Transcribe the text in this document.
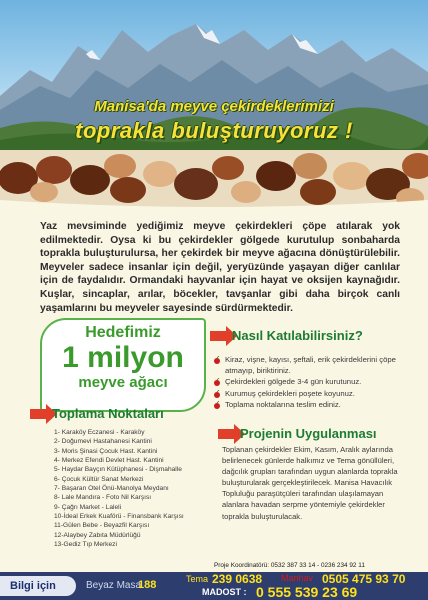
Manisa'da meyve çekirdeklerimizi
toprakla buluşturuyoruz !

Yaz mevsiminde yediğimiz meyve çekirdekleri çöpe atılarak yok edilmektedir. Oysa ki bu çekirdekler gölgede kurutulup sonbaharda toprakla buluşturulursa, her çekirdek bir meyve ağacına dönüştürülebilir. Meyveler sadece insanlar için değil, yeryüzünde yaşayan diğer canlılar için de faydalıdır. Ormandaki hayvanlar için hayat ve oksijen kaynağıdır. Kuşlar, sincaplar, arılar, böcekler, tavşanlar gibi daha birçok canlı yaşamlarını bu meyveler sayesinde sürdürmektedir.

Hedefimiz
1 milyon
meyve ağacı
Toplama Noktaları
1- Karaköy Eczanesi - Karaköy
2- Doğumevi Hastahanesi Kantini
3- Moris Şinasi Çocuk Hast. Kantini
4- Merkez Efendi Devlet Hast. Kantini
5- Haydar Bayçın Kütüphanesi - Dişmahalle
6- Çocuk Kültür Sanat Merkezi
7- Başaran Otel Önü-Manolya Meydanı
8- Lale Mandıra - Foto Nil Karşısı
9- Çağrı Market - Laleli
10-İdeal Erkek Kuaförü - Finansbank Karşısı
11-Gülen Bebe - Beyazfil Karşısı
12-Alaybey Zabıta Müdürlüğü
13-Gediz Tıp Merkezi
Nasıl Katılabilirsiniz?
Kiraz, vişne, kayısı, şeftali, erik çekirdeklerini çöpe atmayıp, biriktiriniz.
Çekirdekleri gölgede 3-4 gün kurutunuz.
Kurumuş çekirdekleri poşete koyunuz.
Toplama noktalarına teslim ediniz.
Projenin Uygulanması

Toplanan çekirdekler Ekim, Kasım, Aralık aylarında belirlenecek günlerde halkımız ve Tema gönüllüleri, dağcılık grupları tarafından uygun alanlarda toprakla buluşturularak gerçekleştirilecek. Manisa Havacılık Topluluğu paraşütçüleri tarafından ulaşılamayan alanlara havadan serpme yöntemiyle çekirdekler toprakla buluşturulacak.

Proje Koordinatörü: 0532 387 33 14 - 0236 234 92 11
Bilgi için	Beyaz Masa
188	Tema 239 0638 Manhav 0505 475 93 70
MADOST : 0 555 539 23 69
